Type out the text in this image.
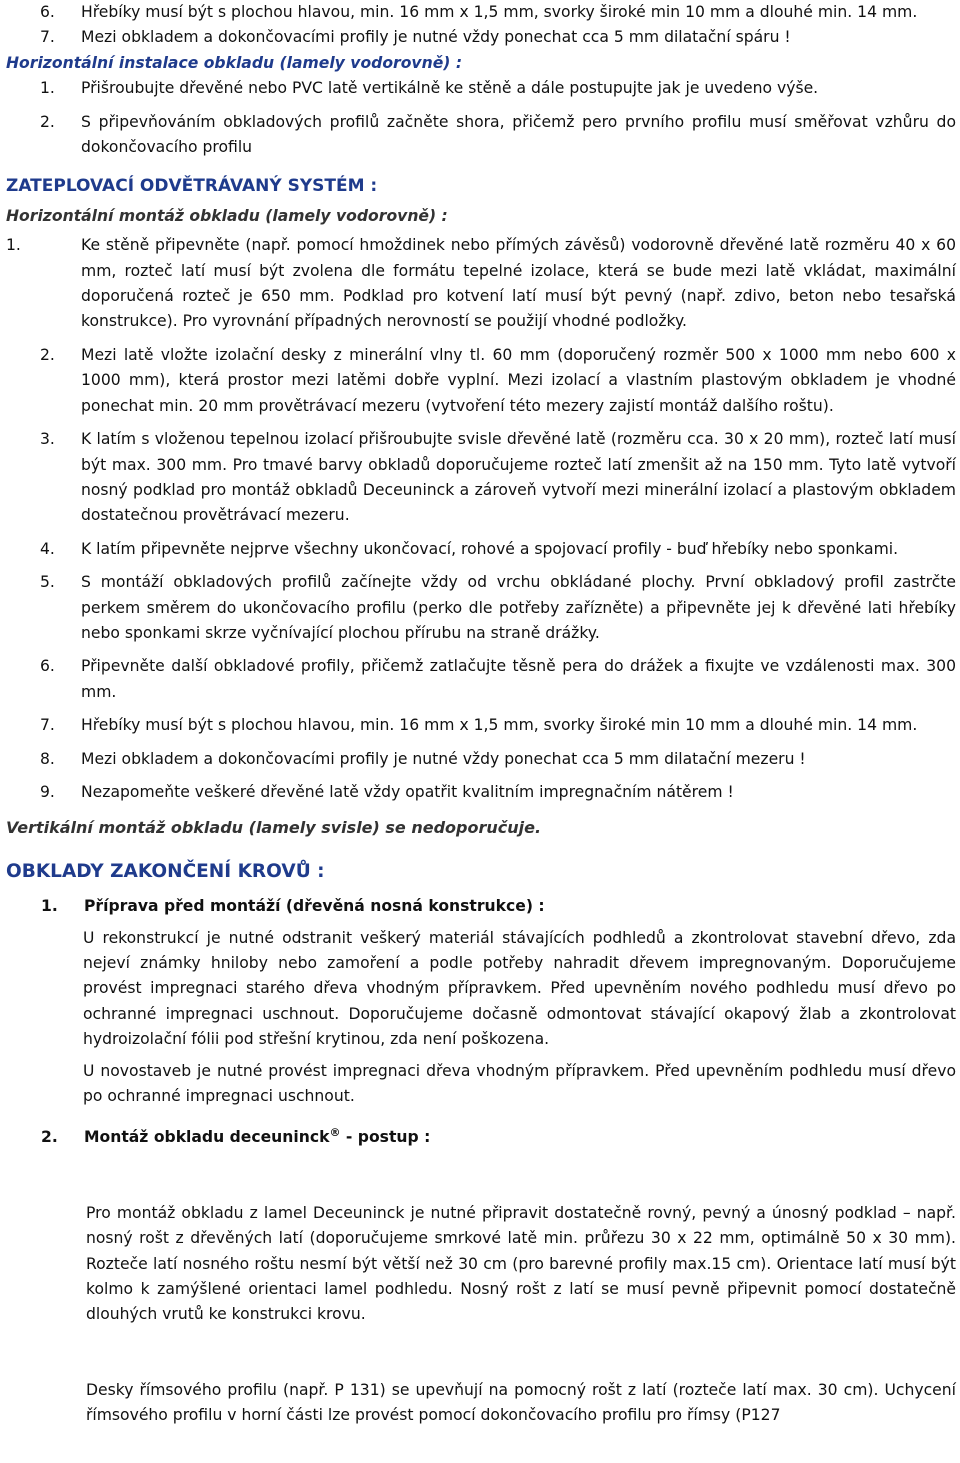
6. Hřebíky musí být s plochou hlavou, min. 16 mm x 1,5 mm, svorky široké min 10 mm a dlouhé min. 14 mm.
7. Mezi obkladem a dokončovacími profily je nutné vždy ponechat cca 5 mm dilatační spáru !
Horizontální instalace obkladu (lamely vodorovně) :
1. Přišroubujte dřevěné nebo PVC latě vertikálně ke stěně a dále postupujte jak je uvedeno výše.
2. S připevňováním obkladových profilů začněte shora, přičemž pero prvního profilu musí směřovat vzhůru do dokončovacího profilu
ZATEPLOVACÍ ODVĚTRÁVANÝ SYSTÉM :
Horizontální montáž obkladu (lamely vodorovně) :
1.	Ke stěně připevněte (např. pomocí hmoždinek nebo přímých závěsů) vodorovně dřevěné latě rozměru 40 x 60 mm, rozteč latí musí být zvolena dle formátu tepelné izolace, která se bude mezi latě vkládat, maximální doporučená rozteč je 650 mm. Podklad pro kotvení latí musí být pevný (např. zdivo, beton nebo tesařská konstrukce). Pro vyrovnání případných nerovností se použijí vhodné podložky.
2. Mezi latě vložte izolační desky z minerální vlny tl. 60 mm (doporučený rozměr 500 x 1000 mm nebo 600 x 1000 mm), která prostor mezi latěmi dobře vyplní. Mezi izolací a vlastním plastovým obkladem je vhodné ponechat min. 20 mm provětrávací mezeru (vytvoření této mezery zajistí montáž dalšího roštu).
3. K latím s vloženou tepelnou izolací přišroubujte svisle dřevěné latě (rozměru cca. 30 x 20 mm), rozteč latí musí být max. 300 mm. Pro tmavé barvy obkladů doporučujeme rozteč latí zmenšit až na 150 mm. Tyto latě vytvoří nosný podklad pro montáž obkladů Deceuninck a zároveň vytvoří mezi minerální izolací a plastovým obkladem dostatečnou provětrávací mezeru.
4. K latím připevněte nejprve všechny ukončovací, rohové a spojovací profily - buď hřebíky nebo sponkami.
5. S montáží obkladových profilů začínejte vždy od vrchu obkládané plochy. První obkladový profil zastrčte perkem směrem do ukončovacího profilu (perko dle potřeby zařízněte) a připevněte jej k dřevěné lati hřebíky nebo sponkami skrze vyčnívající plochou přírubu na straně drážky.
6. Připevněte další obkladové profily, přičemž zatlačujte těsně pera do drážek a fixujte ve vzdálenosti max. 300 mm.
7. Hřebíky musí být s plochou hlavou, min. 16 mm x 1,5 mm, svorky široké min 10 mm a dlouhé min. 14 mm.
8. Mezi obkladem a dokončovacími profily je nutné vždy ponechat cca 5 mm dilatační mezeru !
9. Nezapomeňte veškeré dřevěné latě vždy opatřit kvalitním impregnačním nátěrem !
Vertikální montáž obkladu (lamely svisle) se nedoporučuje.
OBKLADY ZAKONČENÍ KROVŮ :
1. Příprava před montáží (dřevěná nosná konstrukce) :
U rekonstrukcí je nutné odstranit veškerý materiál stávajících podhledů a zkontrolovat stavební dřevo, zda nejeví známky hniloby nebo zamoření a podle potřeby nahradit dřevem impregnovaným. Doporučujeme provést impregnaci starého dřeva vhodným přípravkem. Před upevněním nového podhledu musí dřevo po ochranné impregnaci uschnout. Doporučujeme dočasně odmontovat stávající okapový žlab a zkontrolovat hydroizolační fólii pod střešní krytinou, zda není poškozena.
U novostaveb je nutné provést impregnaci dřeva vhodným přípravkem. Před upevněním podhledu musí dřevo po ochranné impregnaci uschnout.
2. Montáž obkladu deceuninck® - postup :
Pro montáž obkladu z lamel Deceuninck je nutné připravit dostatečně rovný, pevný a únosný podklad – např. nosný rošt z dřevěných latí (doporučujeme smrkové latě min. průřezu 30 x 22 mm, optimálně 50 x 30 mm). Rozteče latí nosného roštu nesmí být větší než 30 cm (pro barevné profily max.15 cm). Orientace latí musí být kolmo k zamýšlené orientaci lamel podhledu. Nosný rošt z latí se musí pevně připevnit pomocí dostatečně dlouhých vrutů ke konstrukci krovu.
Desky římsového profilu (např. P 131) se upevňují na pomocný rošt z latí (rozteče latí max. 30 cm). Uchycení římsového profilu v horní části lze provést pomocí dokončovacího profilu pro římsy (P127
